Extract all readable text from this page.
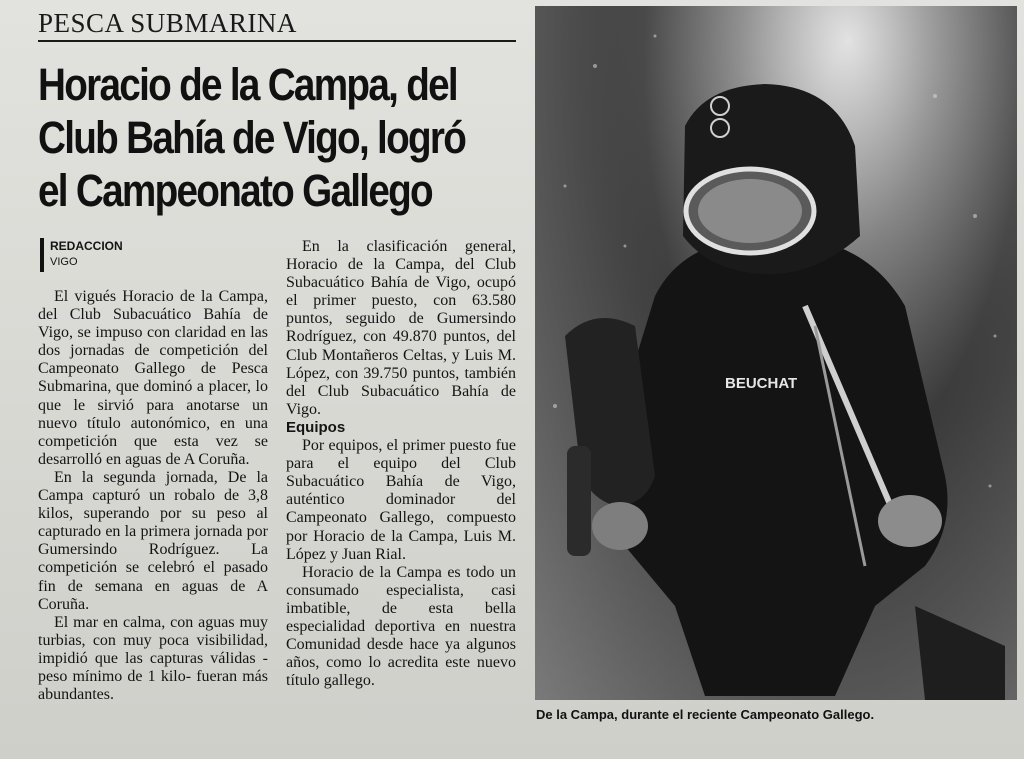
PESCA SUBMARINA
Horacio de la Campa, del
Club Bahía de Vigo, logró
el Campeonato Gallego
REDACCION
VIGO

El vigués Horacio de la Campa, del Club Subacuático Bahía de Vigo, se impuso con claridad en las dos jornadas de competición del Campeonato Gallego de Pesca Submarina, que dominó a placer, lo que le sirvió para anotarse un nuevo título autonómico, en una competición que esta vez se desarrolló en aguas de A Coruña.

En la segunda jornada, De la Campa capturó un robalo de 3,8 kilos, superando por su peso al capturado en la primera jornada por Gumersindo Rodríguez. La competición se celebró el pasado fin de semana en aguas de A Coruña.

El mar en calma, con aguas muy turbias, con muy poca visibilidad, impidió que las capturas válidas -peso mínimo de 1 kilo- fueran más abundantes.

En la clasificación general, Horacio de la Campa, del Club Subacuático Bahía de Vigo, ocupó el primer puesto, con 63.580 puntos, seguido de Gumersindo Rodríguez, con 49.870 puntos, del Club Montañeros Celtas, y Luis M. López, con 39.750 puntos, también del Club Subacuático Bahía de Vigo.

Equipos

Por equipos, el primer puesto fue para el equipo del Club Subacuático Bahía de Vigo, auténtico dominador del Campeonato Gallego, compuesto por Horacio de la Campa, Luis M. López y Juan Rial.

Horacio de la Campa es todo un consumado especialista, casi imbatible, de esta bella especialidad deportiva en nuestra Comunidad desde hace ya algunos años, como lo acredita este nuevo título gallego.

BEUCHAT
De la Campa, durante el reciente Campeonato Gallego.
